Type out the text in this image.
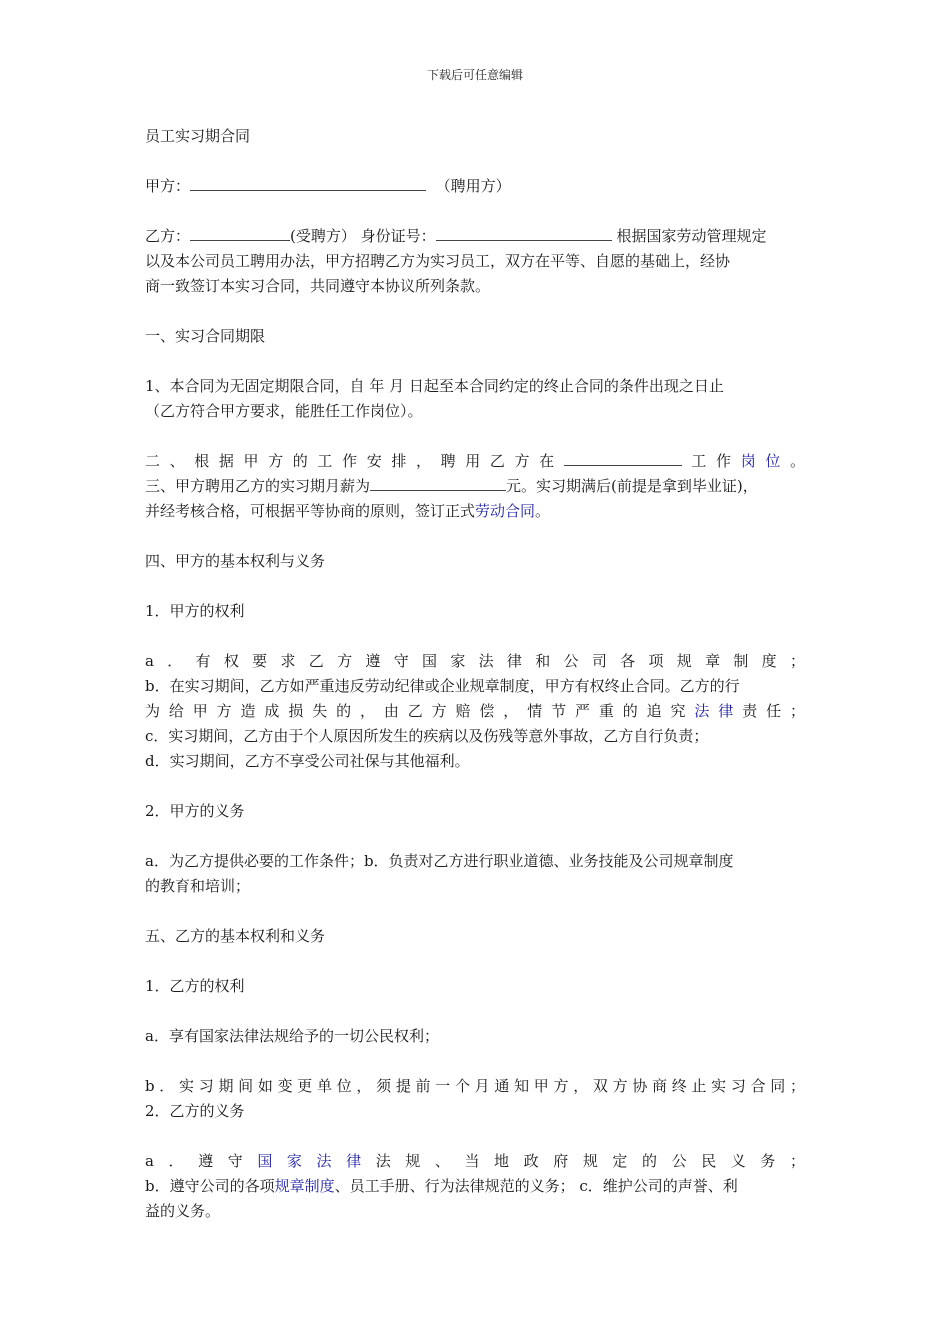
下载后可任意编辑
员工实习期合同
甲方：	（聘用方）
乙方：	(受聘方） 身份证号：	根据国家劳动管理规定
以及本公司员工聘用办法，甲方招聘乙方为实习员工，双方在平等、自愿的基础上，经协
商一致签订本实习合同，共同遵守本协议所列条款。
一、实习合同期限
1、本合同为无固定期限合同，自 年 月 日起至本合同约定的终止合同的条件出现之日止
（乙方符合甲方要求，能胜任工作岗位）。
二、根据甲方的工作安排，聘用乙方在	工作岗位。
三、甲方聘用乙方的实习期月薪为	元。实习期满后(前提是拿到毕业证)，
并经考核合格，可根据平等协商的原则，签订正式劳动合同。
四、甲方的基本权利与义务
1．甲方的权利
a．有权要求乙方遵守国家法律和公司各项规章制度；
b．在实习期间，乙方如严重违反劳动纪律或企业规章制度，甲方有权终止合同。乙方的行
为给甲方造成损失的，由乙方赔偿，情节严重的追究法律责任；
c．实习期间，乙方由于个人原因所发生的疾病以及伤残等意外事故，乙方自行负责；
d．实习期间，乙方不享受公司社保与其他福利。
2．甲方的义务
a．为乙方提供必要的工作条件；b．负责对乙方进行职业道德、业务技能及公司规章制度
的教育和培训；
五、乙方的基本权利和义务
1．乙方的权利
a．享有国家法律法规给予的一切公民权利；
b．实习期间如变更单位，须提前一个月通知甲方，双方协商终止实习合同；
2．乙方的义务
a．遵守国家法律法规、当地政府规定的公民义务；
b．遵守公司的各项规章制度、员工手册、行为法律规范的义务； c．维护公司的声誉、利
益的义务。
